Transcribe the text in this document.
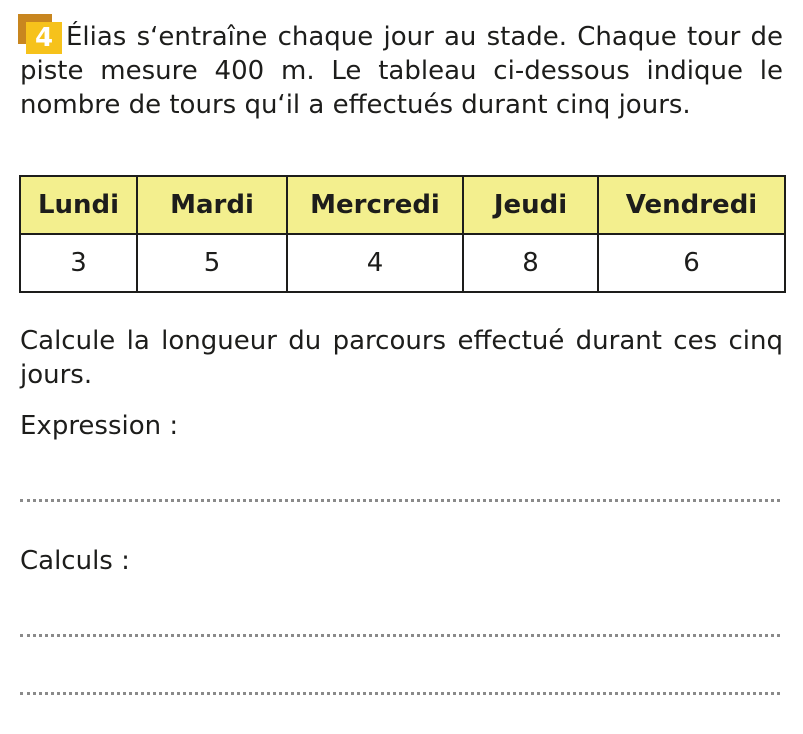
4 Élias s‘entraîne chaque jour au stade. Chaque tour de piste mesure 400 m. Le tableau ci-dessous indique le nombre de tours qu‘il a effectués durant cinq jours.

Lundi	Mardi	Mercredi	Jeudi	Vendredi
3	5	4	8	6

Calcule la longueur du parcours effectué durant ces cinq jours.

Expression :
Calculs :
